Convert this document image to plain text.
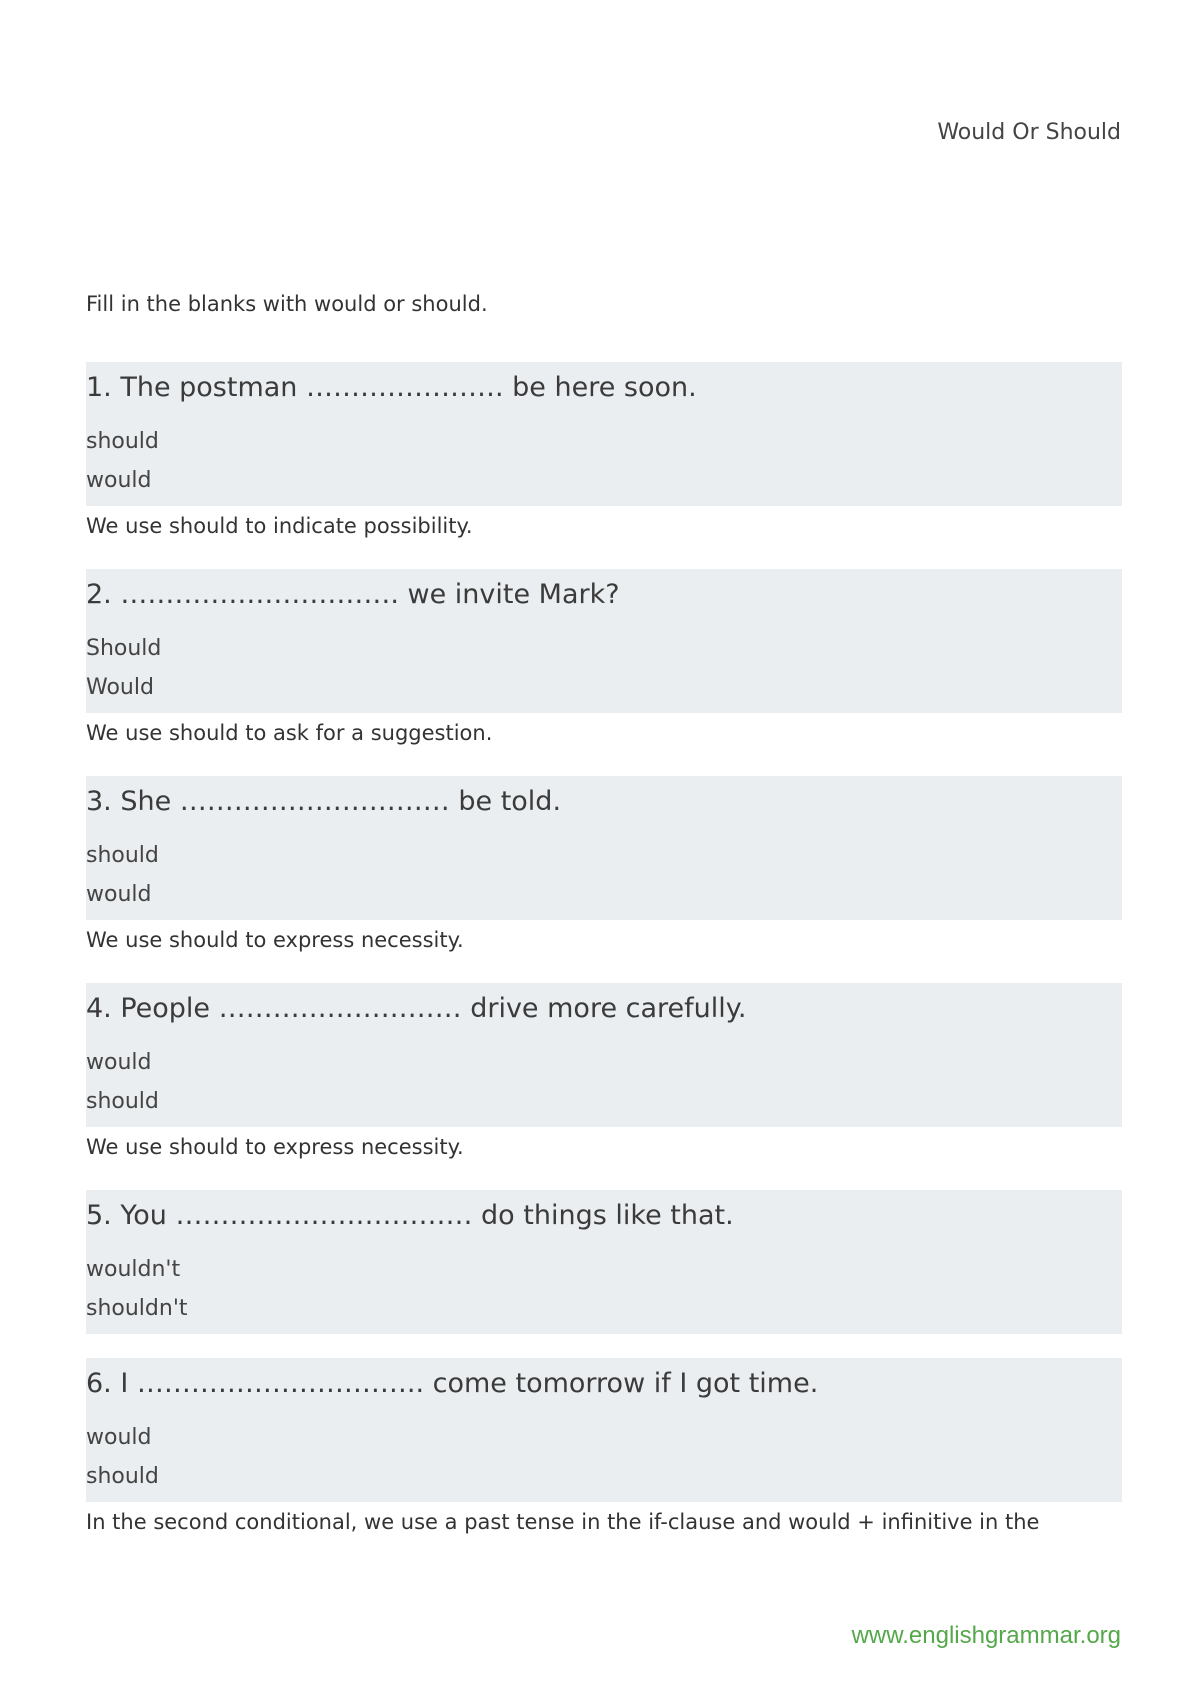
Would Or Should
Fill in the blanks with would or should.
1. The postman …………………. be here soon.
should
would
We use should to indicate possibility.
2. …………………………. we invite Mark?
Should
Would
We use should to ask for a suggestion.
3. She ………………………… be told.
should
would
We use should to express necessity.
4. People ……………………… drive more carefully.
would
should
We use should to express necessity.
5. You …………………………… do things like that.
wouldn't
shouldn't
6. I ………………………….. come tomorrow if I got time.
would
should
In the second conditional, we use a past tense in the if-clause and would + infinitive in the
www.englishgrammar.org
